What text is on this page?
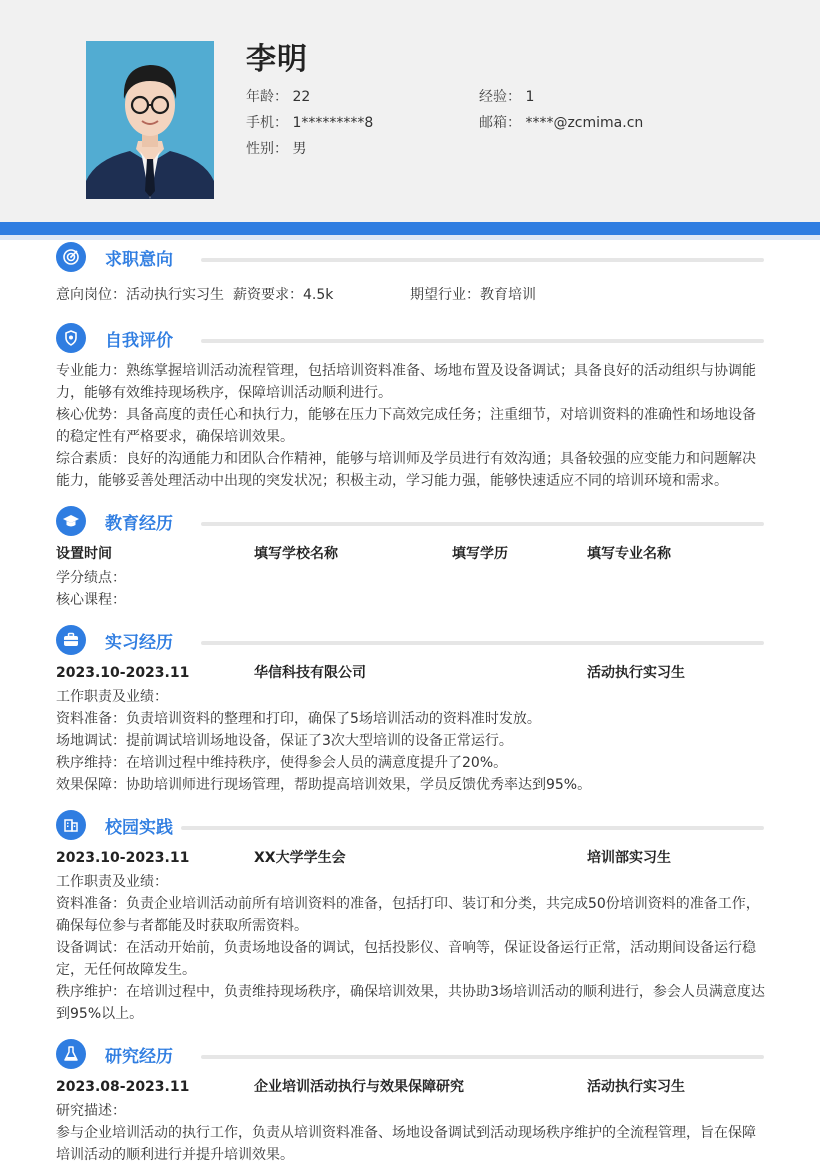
李明
年龄： 22	经验： 1
手机： 1*********8	邮箱： ****@zcmima.cn
性别： 男
求职意向
意向岗位：活动执行实习生 薪资要求：4.5k	期望行业：教育培训
自我评价
专业能力：熟练掌握培训活动流程管理，包括培训资料准备、场地布置及设备调试；具备良好的活动组织与协调能力，能够有效维持现场秩序，保障培训活动顺利进行。
核心优势：具备高度的责任心和执行力，能够在压力下高效完成任务；注重细节，对培训资料的准确性和场地设备的稳定性有严格要求，确保培训效果。
综合素质：良好的沟通能力和团队合作精神，能够与培训师及学员进行有效沟通；具备较强的应变能力和问题解决能力，能够妥善处理活动中出现的突发状况；积极主动，学习能力强，能够快速适应不同的培训环境和需求。
教育经历
设置时间	填写学校名称	填写学历	填写专业名称
学分绩点：
核心课程：
实习经历
2023.10-2023.11	华信科技有限公司	活动执行实习生
工作职责及业绩：
资料准备：负责培训资料的整理和打印，确保了5场培训活动的资料准时发放。
场地调试：提前调试培训场地设备，保证了3次大型培训的设备正常运行。
秩序维持：在培训过程中维持秩序，使得参会人员的满意度提升了20%。
效果保障：协助培训师进行现场管理，帮助提高培训效果，学员反馈优秀率达到95%。
校园实践
2023.10-2023.11	XX大学学生会	培训部实习生
工作职责及业绩：
资料准备：负责企业培训活动前所有培训资料的准备，包括打印、装订和分类，共完成50份培训资料的准备工作，确保每位参与者都能及时获取所需资料。
设备调试：在活动开始前，负责场地设备的调试，包括投影仪、音响等，保证设备运行正常，活动期间设备运行稳定，无任何故障发生。
秩序维护：在培训过程中，负责维持现场秩序，确保培训效果，共协助3场培训活动的顺利进行，参会人员满意度达到95%以上。
研究经历
2023.08-2023.11	企业培训活动执行与效果保障研究	活动执行实习生
研究描述：
参与企业培训活动的执行工作，负责从培训资料准备、场地设备调试到活动现场秩序维护的全流程管理，旨在保障培训活动的顺利进行并提升培训效果。
